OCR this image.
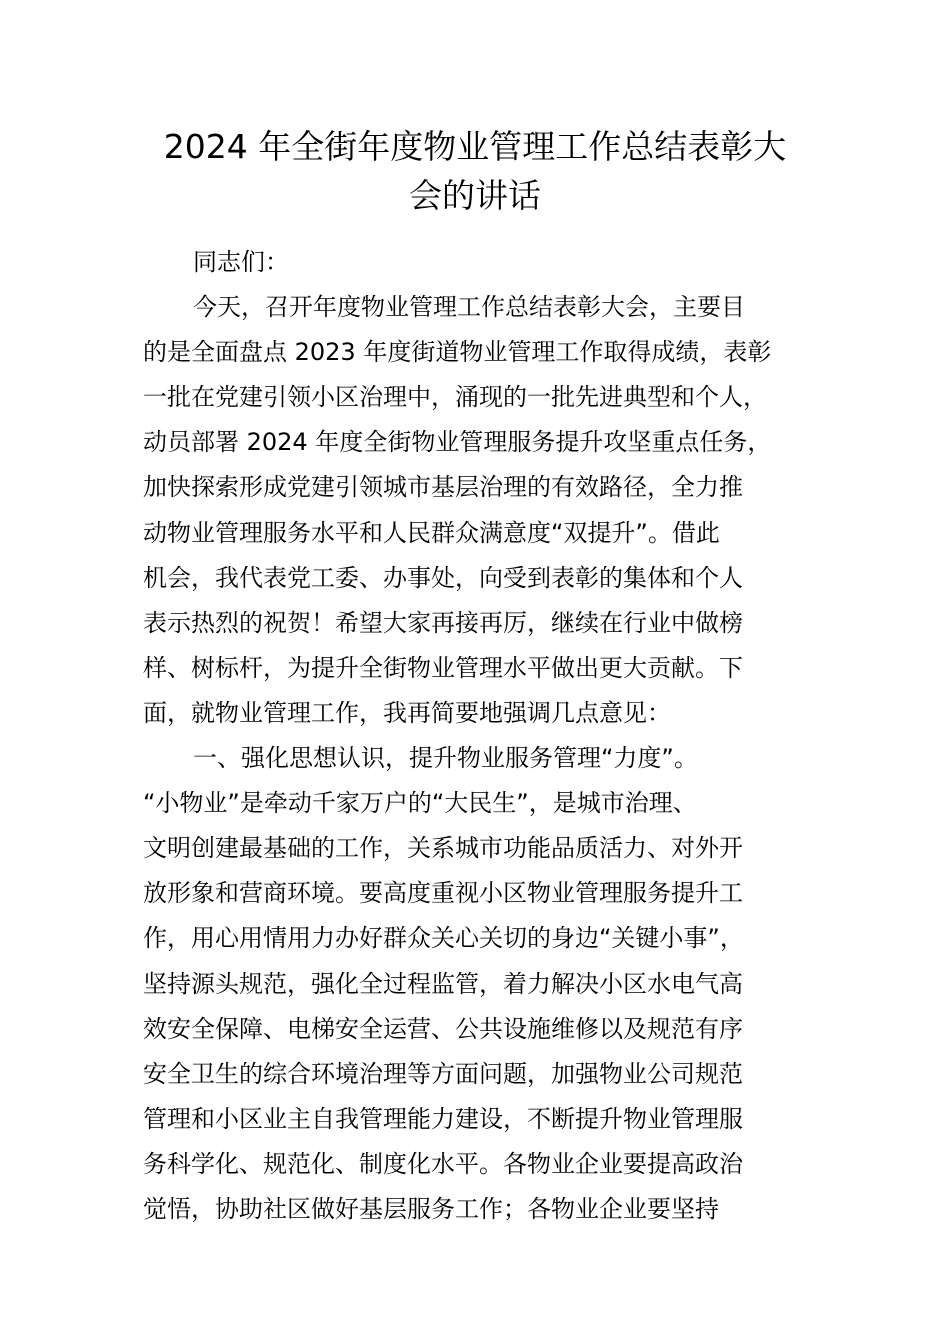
2024 年全街年度物业管理工作总结表彰大
会的讲话
同志们：
今天，召开年度物业管理工作总结表彰大会，主要目
的是全面盘点 2023 年度街道物业管理工作取得成绩，表彰
一批在党建引领小区治理中，涌现的一批先进典型和个人，
动员部署 2024 年度全街物业管理服务提升攻坚重点任务，
加快探索形成党建引领城市基层治理的有效路径，全力推
动物业管理服务水平和人民群众满意度“双提升”。借此
机会，我代表党工委、办事处，向受到表彰的集体和个人
表示热烈的祝贺！希望大家再接再厉，继续在行业中做榜
样、树标杆，为提升全街物业管理水平做出更大贡献。下
面，就物业管理工作，我再简要地强调几点意见：
一、强化思想认识，提升物业服务管理“力度”。
“小物业”是牵动千家万户的“大民生”，是城市治理、
文明创建最基础的工作，关系城市功能品质活力、对外开
放形象和营商环境。要高度重视小区物业管理服务提升工
作，用心用情用力办好群众关心关切的身边“关键小事”，
坚持源头规范，强化全过程监管，着力解决小区水电气高
效安全保障、电梯安全运营、公共设施维修以及规范有序
安全卫生的综合环境治理等方面问题，加强物业公司规范
管理和小区业主自我管理能力建设，不断提升物业管理服
务科学化、规范化、制度化水平。各物业企业要提高政治
觉悟，协助社区做好基层服务工作；各物业企业要坚持
